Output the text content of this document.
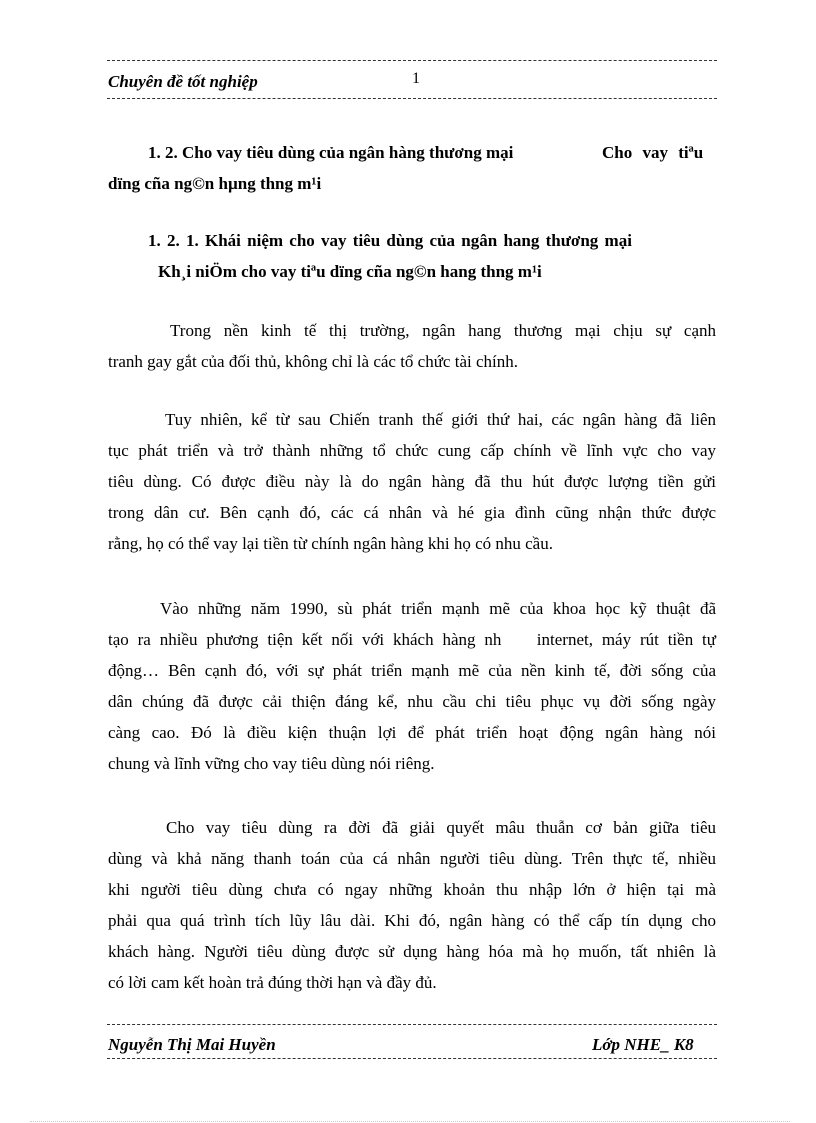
Chuyên đề tốt nghiệp	1
1. 2. Cho vay tiêu dùng của ngân hàng thương mại	Cho vay tiªu
dïng cña ng©n hµng thng m¹i
1. 2. 1. Khái niệm cho vay tiêu dùng của ngân hang thương mại
Kh¸i niÖm cho vay tiªu dïng cña ng©n hang thng m¹i
Trong nền kinh tế thị trường, ngân hang thương mại chịu sự cạnh
tranh gay gắt của đối thủ, không chỉ là các tổ chức tài chính.
Tuy nhiên, kể từ sau Chiến tranh thế giới thứ hai, các ngân hàng đã liên
tục phát triển và trở thành những tổ chức cung cấp chính về lĩnh vực cho vay
tiêu dùng. Có được điều này là do ngân hàng đã thu hút được lượng tiền gửi
trong dân cư. Bên cạnh đó, các cá nhân và hé gia đình cũng nhận thức được
rằng, họ có thể vay lại tiền từ chính ngân hàng khi họ có nhu cầu.
Vào những năm 1990, sù phát triển mạnh mẽ của khoa học kỹ thuật đã
tạo ra nhiều phương tiện kết nối với khách hàng nh    internet, máy rút tiền tự
động… Bên cạnh đó, với sự phát triển mạnh mẽ của nền kinh tế, đời sống của
dân chúng đã được cải thiện đáng kể, nhu cầu chi tiêu phục vụ đời sống ngày
càng cao. Đó là điều kiện thuận lợi để phát triển hoạt động ngân hàng nói
chung và lĩnh vững cho vay tiêu dùng nói riêng.
Cho vay tiêu dùng ra đời đã giải quyết mâu thuẫn cơ bản giữa tiêu
dùng và khả năng thanh toán của cá nhân người tiêu dùng. Trên thực tế, nhiều
khi người tiêu dùng chưa có ngay những khoản thu nhập lớn ở hiện tại mà
phải qua quá trình tích lũy lâu dài. Khi đó, ngân hàng có thể cấp tín dụng cho
khách hàng. Người tiêu dùng được sử dụng hàng hóa mà họ muốn, tất nhiên là
có lời cam kết hoàn trả đúng thời hạn và đầy đủ.
Nguyễn Thị Mai Huyền	Lớp NHE_ K8
